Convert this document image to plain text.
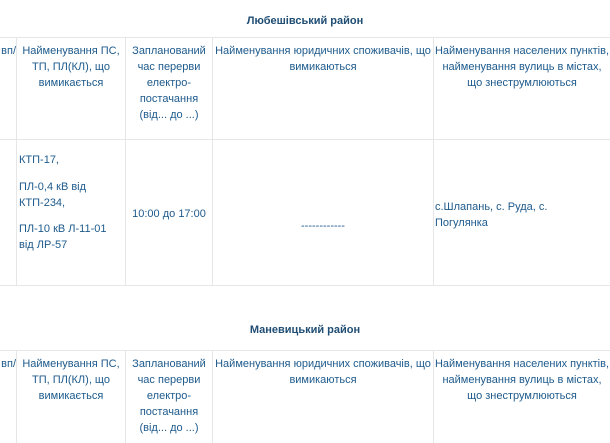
Любешівський район
вп/ Найменування ПС, ТП, ПЛ(КЛ), що вимикається
Запланований час перерви електро-постачання (від... до ...)
Найменування юридичних споживачів, що вимикаються
Найменування населених пунктів, найменування вулиць в містах, що знеструмлюються
КТП-17,
ПЛ-0,4 кВ від КТП-234,
ПЛ-10 кВ Л-11-01 від ЛР-57
10:00 до 17:00
------------
с.Шлапань, с. Руда, с. Погулянка
Маневицький район
вп/ Найменування ПС, ТП, ПЛ(КЛ), що вимикається
Запланований час перерви електро-постачання (від... до ...)
Найменування юридичних споживачів, що вимикаються
Найменування населених пунктів, найменування вулиць в містах, що знеструмлюються
